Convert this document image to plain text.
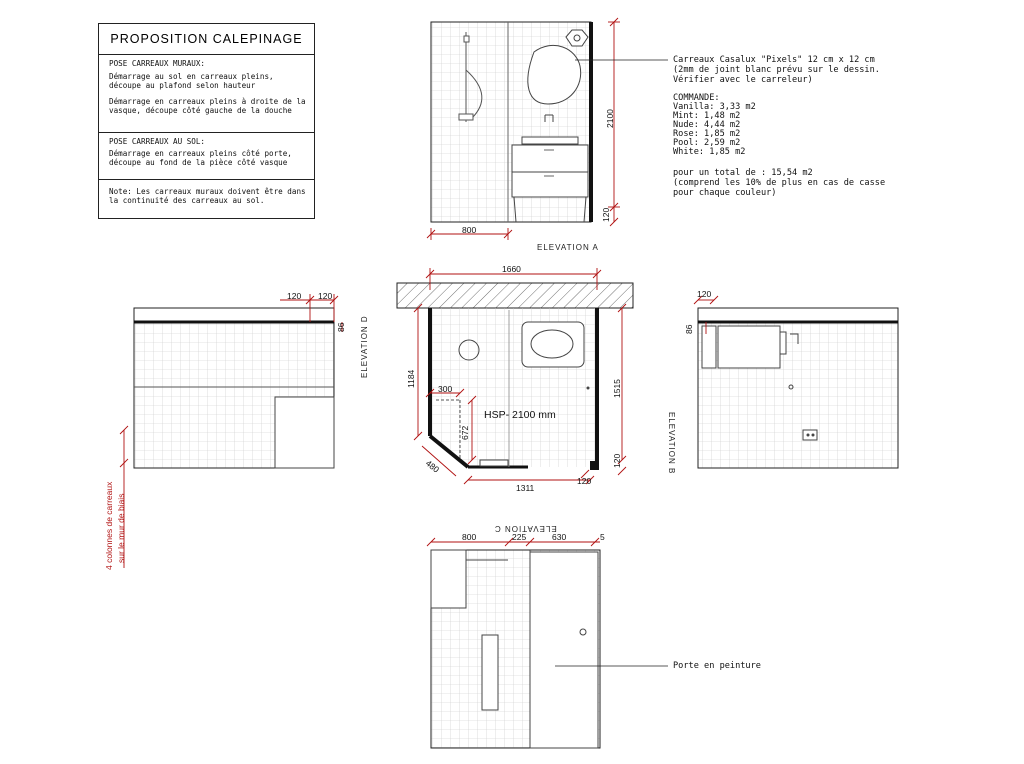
PROPOSITION CALEPINAGE
POSE CARREAUX MURAUX:
Démarrage au sol en carreaux pleins, découpe au plafond selon hauteur
Démarrage en carreaux pleins à droite de la vasque, découpe côté gauche de la douche
POSE CARREAUX AU SOL:
Démarrage en carreaux pleins côté porte, découpe au fond de la pièce côté vasque
Note: Les carreaux muraux doivent être dans la continuité des carreaux au sol.
Carreaux Casalux "Pixels" 12 cm x 12 cm
(2mm de joint blanc prévu sur le dessin.
Vérifier avec le carreleur)
COMMANDE:
Vanilla: 3,33 m2
Mint: 1,48 m2
Nude: 4,44 m2
Rose: 1,85 m2
Pool: 2,59 m2
White: 1,85 m2
pour un total de : 15,54 m2
(comprend les 10% de plus en cas de casse
pour chaque couleur)
ELEVATION A
ELEVATION D
ELEVATION B
ELEVATION C
HSP- 2100 mm
Porte en peinture
4 colonnes de carreaux sur le mur de biais
800
2100
120
1660
1184
1515
300
672
480
1311
120
120
120 120
86
120
86
800	225	630	5
